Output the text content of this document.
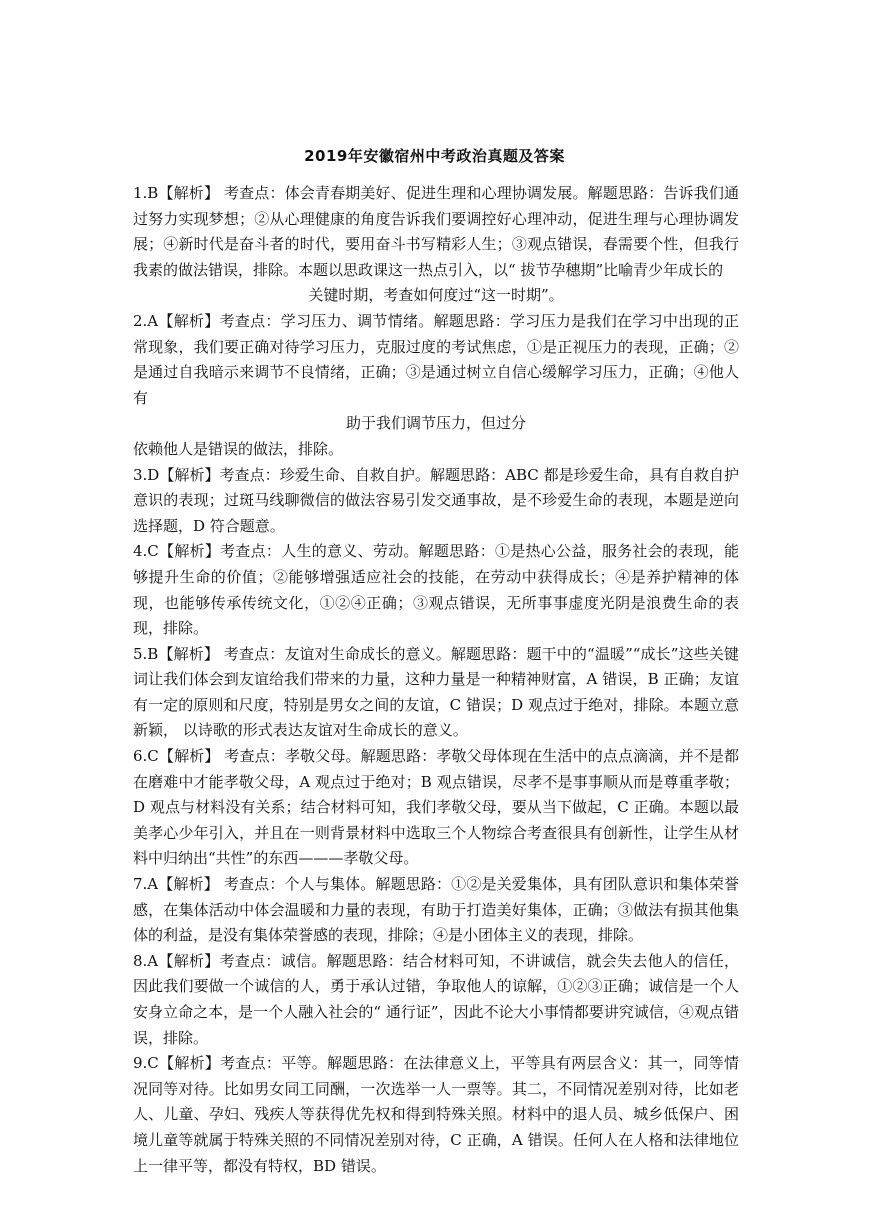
2019年安徽宿州中考政治真题及答案

1.B【解析】 考查点：体会青春期美好、促进生理和心理协调发展。解题思路：告诉我们通过努力实现梦想；②从心理健康的角度告诉我们要调控好心理冲动，促进生理与心理协调发展；④新时代是奋斗者的时代，要用奋斗书写精彩人生；③观点错误，春需要个性，但我行我素的做法错误，排除。本题以思政课这一热点引入，以“ 拔节孕穗期”比喻青少年成长的
关键时期，考查如何度过“这一时期”。

2.A【解析】考查点：学习压力、调节情绪。解题思路：学习压力是我们在学习中出现的正常现象，我们要正确对待学习压力，克服过度的考试焦虑，①是正视压力的表现，正确；②是通过自我暗示来调节不良情绪，正确；③是通过树立自信心缓解学习压力，正确；④他人有
助于我们调节压力，但过分
依赖他人是错误的做法，排除。

3.D【解析】考查点：珍爱生命、自救自护。解题思路：ABC 都是珍爱生命，具有自救自护意识的表现；过斑马线聊微信的做法容易引发交通事故，是不珍爱生命的表现，本题是逆向选择题，D 符合题意。

4.C【解析】考查点：人生的意义、劳动。解题思路：①是热心公益，服务社会的表现，能够提升生命的价值；②能够增强适应社会的技能，在劳动中获得成长；④是养护精神的体现，也能够传承传统文化，①②④正确；③观点错误，无所事事虚度光阴是浪费生命的表现，排除。

5.B【解析】 考查点：友谊对生命成长的意义。解题思路：题干中的“温暖”“成长”这些关键词让我们体会到友谊给我们带来的力量，这种力量是一种精神财富，A 错误，B 正确；友谊有一定的原则和尺度，特别是男女之间的友谊，C 错误；D 观点过于绝对，排除。本题立意新颖， 以诗歌的形式表达友谊对生命成长的意义。

6.C【解析】 考查点：孝敬父母。解题思路：孝敬父母体现在生活中的点点滴滴，并不是都在磨难中才能孝敬父母，A 观点过于绝对；B 观点错误，尽孝不是事事顺从而是尊重孝敬；D 观点与材料没有关系；结合材料可知，我们孝敬父母，要从当下做起，C 正确。本题以最美孝心少年引入，并且在一则背景材料中选取三个人物综合考查很具有创新性，让学生从材料中归纳出“共性”的东西———孝敬父母。

7.A【解析】 考查点：个人与集体。解题思路：①②是关爱集体，具有团队意识和集体荣誉感，在集体活动中体会温暖和力量的表现，有助于打造美好集体，正确；③做法有损其他集体的利益，是没有集体荣誉感的表现，排除；④是小团体主义的表现，排除。

8.A【解析】考查点：诚信。解题思路：结合材料可知，不讲诚信，就会失去他人的信任，因此我们要做一个诚信的人，勇于承认过错，争取他人的谅解，①②③正确；诚信是一个人安身立命之本，是一个人融入社会的“ 通行证”，因此不论大小事情都要讲究诚信，④观点错误，排除。

9.C【解析】考查点：平等。解题思路：在法律意义上，平等具有两层含义：其一，同等情况同等对待。比如男女同工同酬，一次选举一人一票等。其二，不同情况差别对待，比如老人、儿童、孕妇、残疾人等获得优先权和得到特殊关照。材料中的退人员、城乡低保户、困境儿童等就属于特殊关照的不同情况差别对待，C 正确，A 错误。任何人在人格和法律地位上一律平等，都没有特权，BD 错误。
